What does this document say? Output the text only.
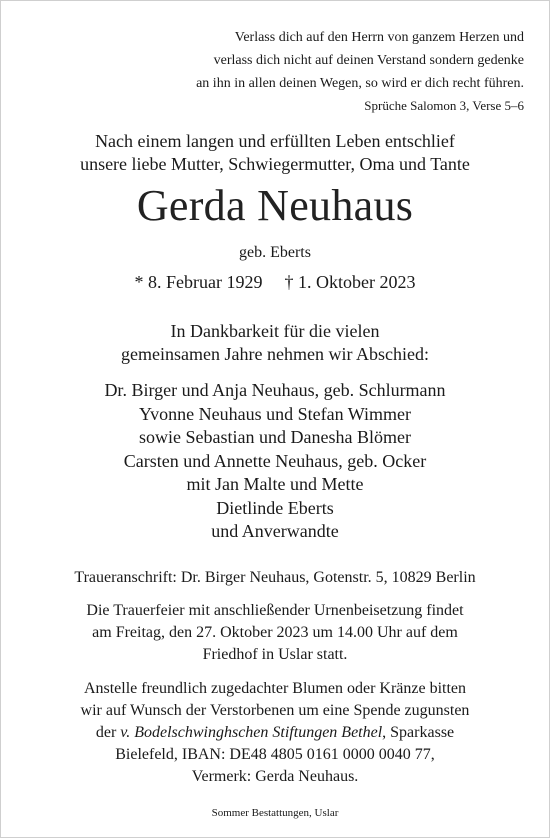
Verlass dich auf den Herrn von ganzem Herzen und
verlass dich nicht auf deinen Verstand sondern gedenke
an ihn in allen deinen Wegen, so wird er dich recht führen.
Sprüche Salomon 3, Verse 5–6
Nach einem langen und erfüllten Leben entschlief
unsere liebe Mutter, Schwiegermutter, Oma und Tante
Gerda Neuhaus
geb. Eberts
* 8. Februar 1929 † 1. Oktober 2023
In Dankbarkeit für die vielen
gemeinsamen Jahre nehmen wir Abschied:
Dr. Birger und Anja Neuhaus, geb. Schlurmann
Yvonne Neuhaus und Stefan Wimmer
sowie Sebastian und Danesha Blömer
Carsten und Annette Neuhaus, geb. Ocker
mit Jan Malte und Mette
Dietlinde Eberts
und Anverwandte
Traueranschrift: Dr. Birger Neuhaus, Gotenstr. 5, 10829 Berlin
Die Trauerfeier mit anschließender Urnenbeisetzung findet
am Freitag, den 27. Oktober 2023 um 14.00 Uhr auf dem
Friedhof in Uslar statt.
Anstelle freundlich zugedachter Blumen oder Kränze bitten
wir auf Wunsch der Verstorbenen um eine Spende zugunsten
der v. Bodelschwinghschen Stiftungen Bethel, Sparkasse
Bielefeld, IBAN: DE48 4805 0161 0000 0040 77,
Vermerk: Gerda Neuhaus.
Sommer Bestattungen, Uslar
